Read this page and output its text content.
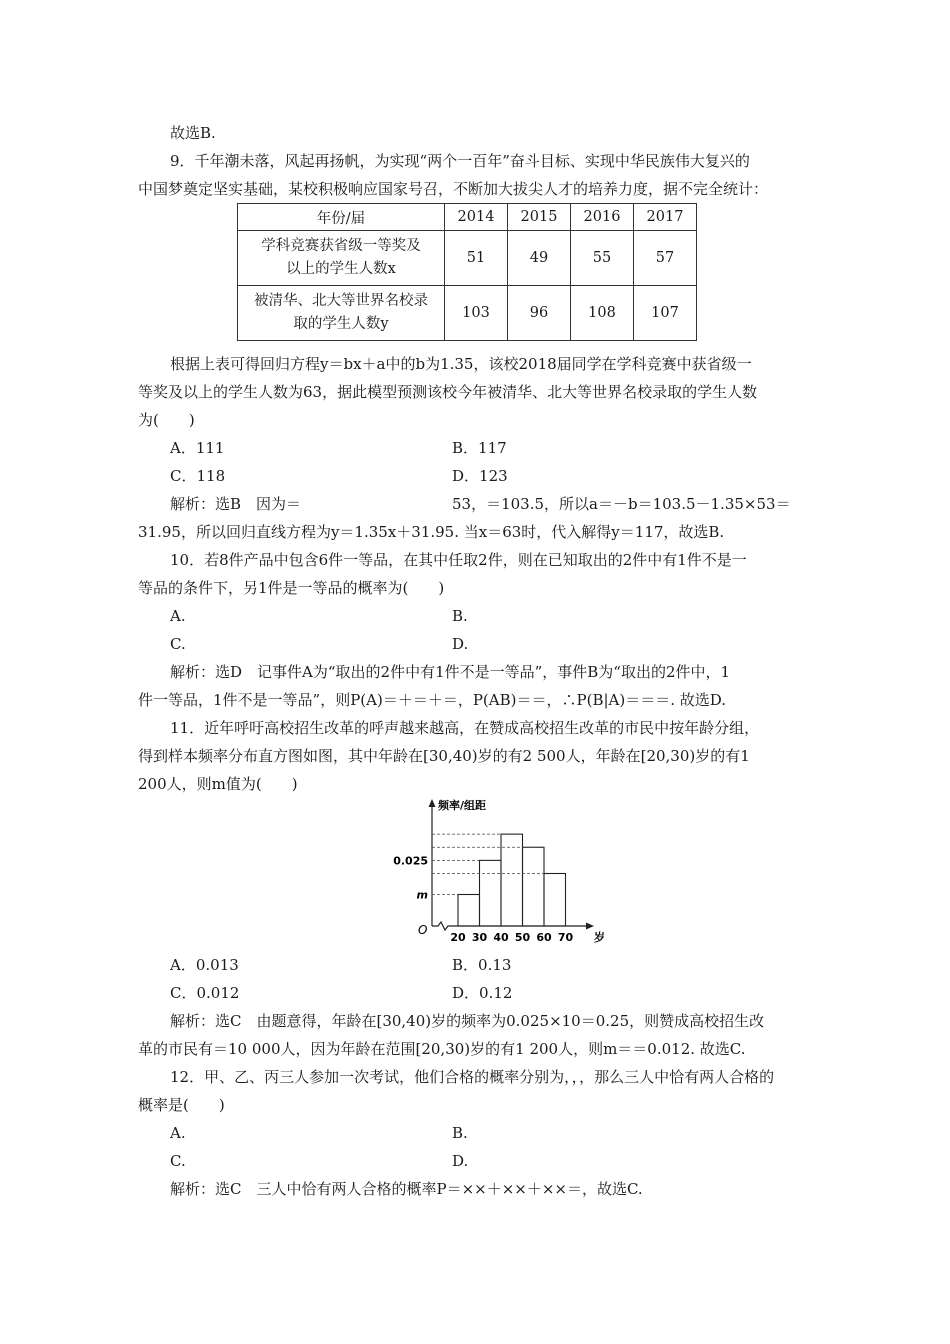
故选B.
9．千年潮未落，风起再扬帆，为实现“两个一百年”奋斗目标、实现中华民族伟大复兴的
中国梦奠定坚实基础，某校积极响应国家号召，不断加大拔尖人才的培养力度，据不完全统计：
年份/届	2014	2015	2016	2017

学科竞赛获省级一等奖及
以上的学生人数x	51	49	55	57

被清华、北大等世界名校录
取的学生人数y	103	96	108	107
根据上表可得回归方程y＝bx＋a中的b为1.35，该校2018届同学在学科竞赛中获省级一
等奖及以上的学生人数为63，据此模型预测该校今年被清华、北大等世界名校录取的学生人数
为(　　)
A．111	B．117
C．118	D．123
解析：选B　因为＝	53，＝103.5，所以a＝－b＝103.5－1.35×53＝
31.95，所以回归直线方程为y＝1.35x＋31.95. 当x＝63时，代入解得y＝117，故选B.
10．若8件产品中包含6件一等品，在其中任取2件，则在已知取出的2件中有1件不是一
等品的条件下，另1件是一等品的概率为(　　)
A.	B.
C.	D.
解析：选D　记事件A为“取出的2件中有1件不是一等品”，事件B为“取出的2件中，1
件一等品，1件不是一等品”，则P(A)＝＋＝＋＝，P(AB)＝＝，∴P(B|A)＝＝＝. 故选D.
11．近年呼吁高校招生改革的呼声越来越高，在赞成高校招生改革的市民中按年龄分组，
得到样本频率分布直方图如图，其中年龄在[30,40)岁的有2 500人，年龄在[20,30)岁的有1
200人，则m值为(　　)
0.025
m
20 30 40 50 60 70
频率/组距
岁
O
A．0.013	B．0.13
C．0.012	D．0.12
解析：选C　由题意得，年龄在[30,40)岁的频率为0.025×10＝0.25，则赞成高校招生改
革的市民有＝10 000人，因为年龄在范围[20,30)岁的有1 200人，则m＝＝0.012. 故选C.
12．甲、乙、丙三人参加一次考试，他们合格的概率分别为，，，那么三人中恰有两人合格的
概率是(　　)
A.	B.
C.	D.
解析：选C　三人中恰有两人合格的概率P＝××＋××＋××＝，故选C.
